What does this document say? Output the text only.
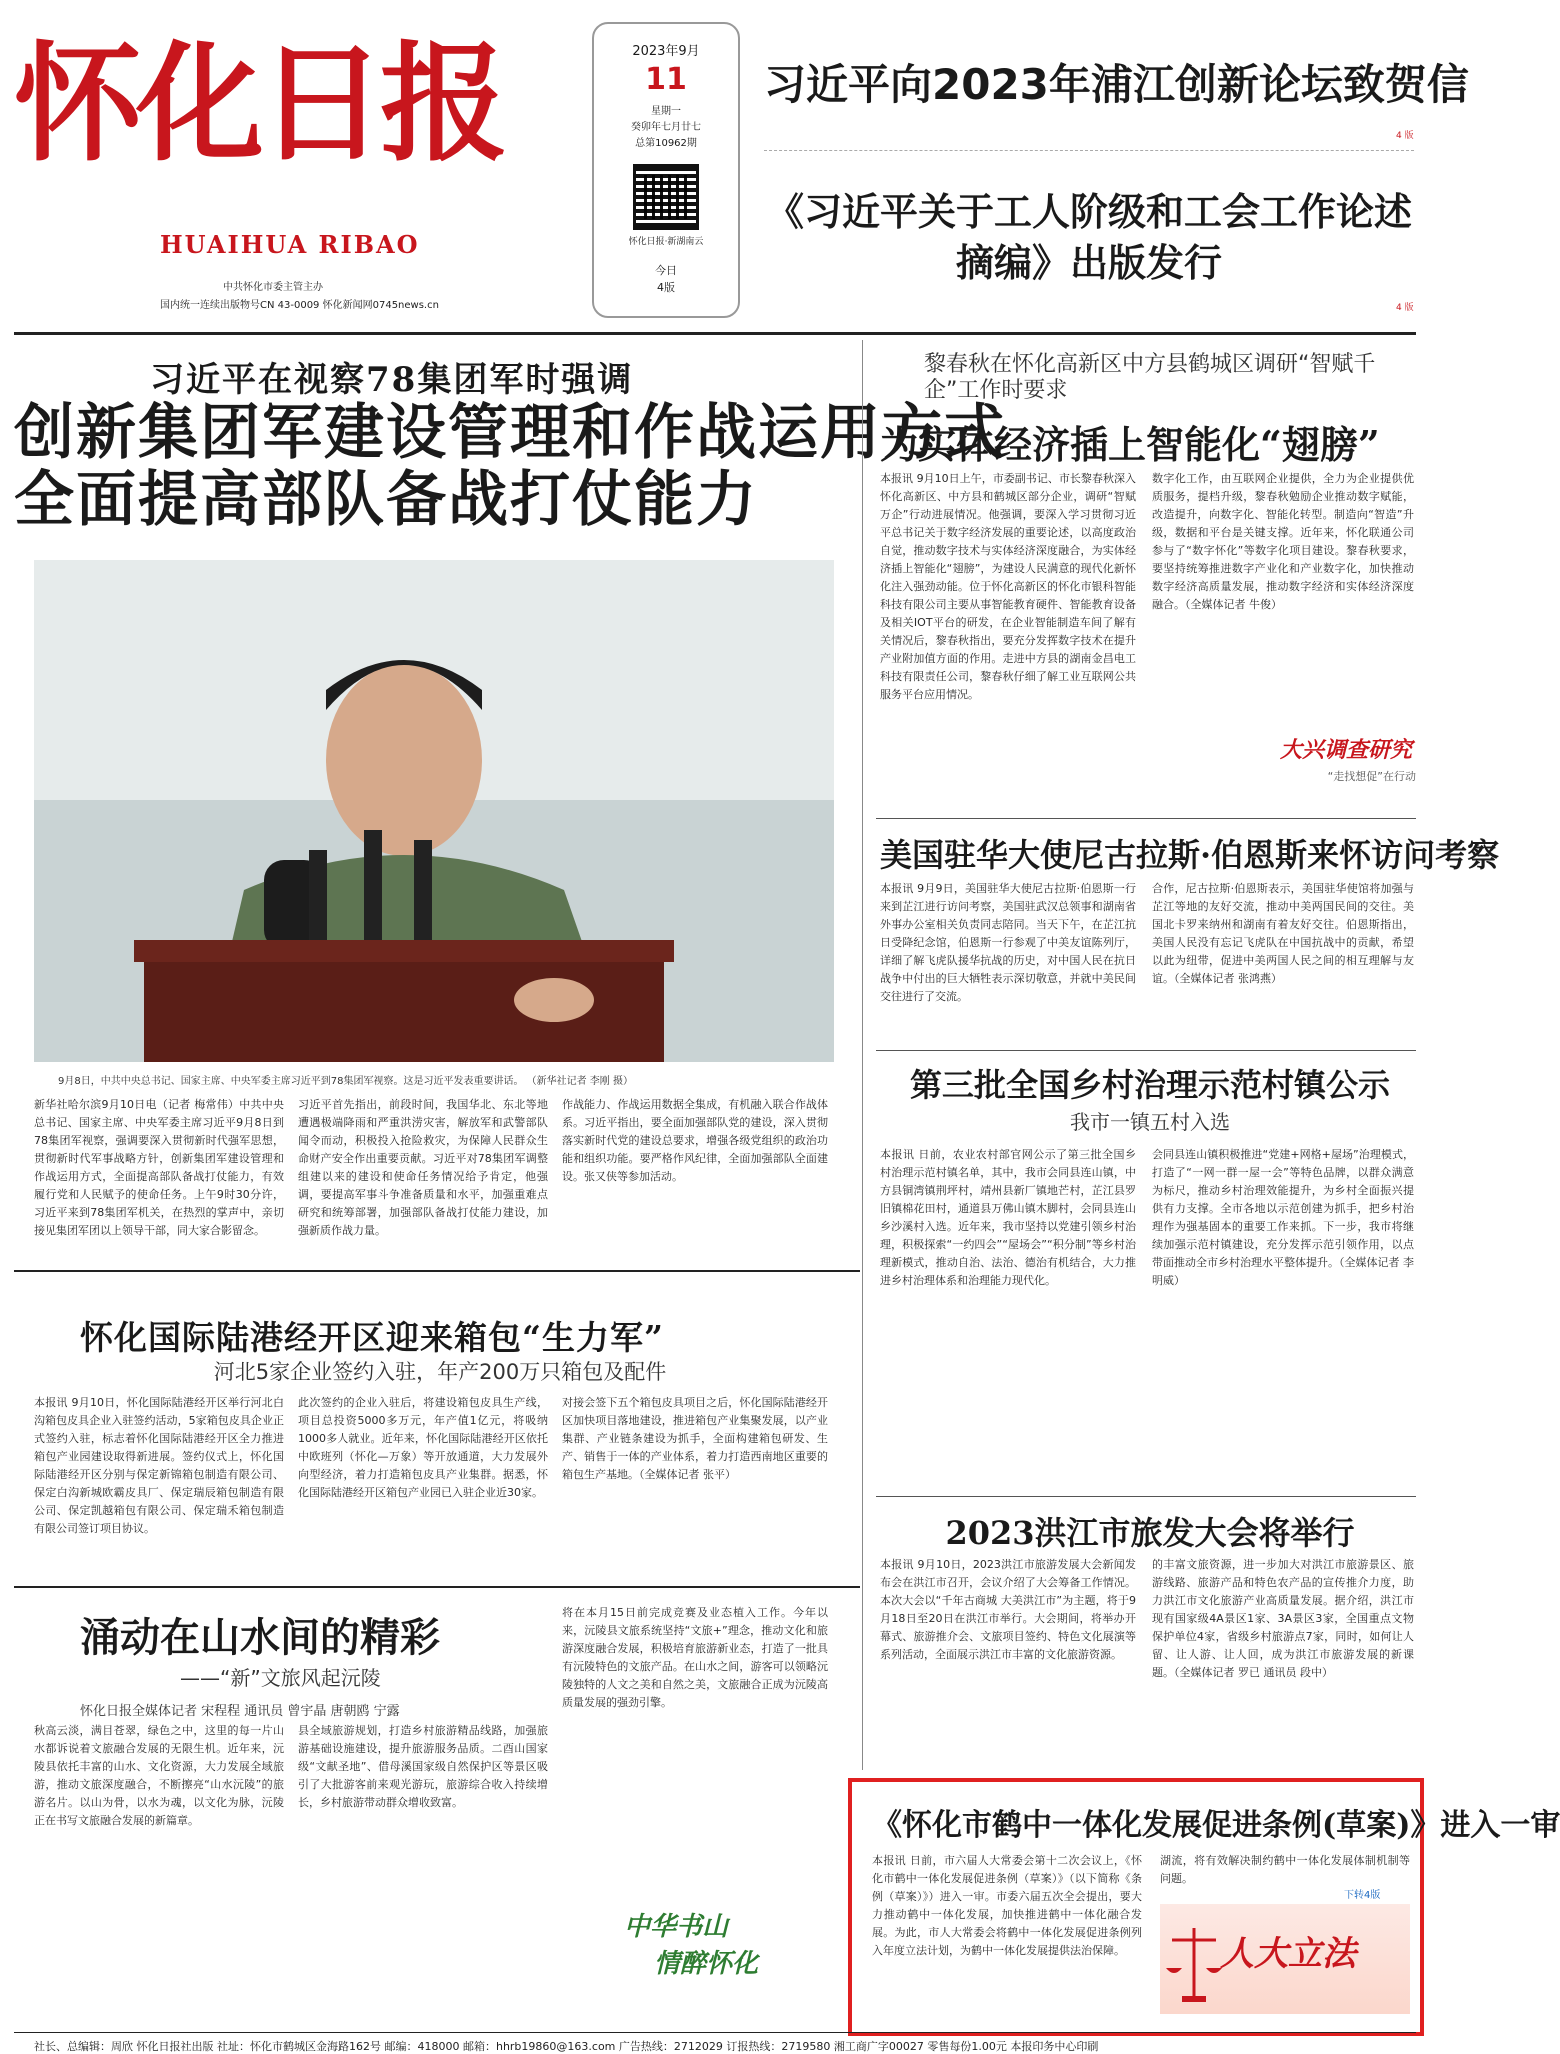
怀化日报
HUAIHUA RIBAO
中共怀化市委主管主办
国内统一连续出版物号CN 43-0009 怀化新闻网0745news.cn
2023年9月
11
星期一
癸卯年七月廿七
总第10962期
怀化日报·新湖南云
今日
4版
习近平向2023年浦江创新论坛致贺信
4 版
《习近平关于工人阶级和工会工作论述摘编》出版发行
4 版
习近平在视察78集团军时强调
创新集团军建设管理和作战运用方式
全面提高部队备战打仗能力
9月8日，中共中央总书记、国家主席、中央军委主席习近平到78集团军视察。这是习近平发表重要讲话。 （新华社记者 李刚 摄）
新华社哈尔滨9月10日电（记者 梅常伟）中共中央总书记、国家主席、中央军委主席习近平9月8日到78集团军视察，强调要深入贯彻新时代强军思想，贯彻新时代军事战略方针，创新集团军建设管理和作战运用方式，全面提高部队备战打仗能力，有效履行党和人民赋予的使命任务。上午9时30分许，习近平来到78集团军机关，在热烈的掌声中，亲切接见集团军团以上领导干部，同大家合影留念。
习近平首先指出，前段时间，我国华北、东北等地遭遇极端降雨和严重洪涝灾害，解放军和武警部队闻令而动，积极投入抢险救灾，为保障人民群众生命财产安全作出重要贡献。习近平对78集团军调整组建以来的建设和使命任务情况给予肯定，他强调，要提高军事斗争准备质量和水平，加强重难点研究和统筹部署，加强部队备战打仗能力建设，加强新质作战力量。
作战能力、作战运用数据全集成，有机融入联合作战体系。习近平指出，要全面加强部队党的建设，深入贯彻落实新时代党的建设总要求，增强各级党组织的政治功能和组织功能。要严格作风纪律，全面加强部队全面建设。张又侠等参加活动。
黎春秋在怀化高新区中方县鹤城区调研“智赋千企”工作时要求
为实体经济插上智能化“翅膀”
本报讯 9月10日上午，市委副书记、市长黎春秋深入怀化高新区、中方县和鹤城区部分企业，调研“智赋万企”行动进展情况。他强调，要深入学习贯彻习近平总书记关于数字经济发展的重要论述，以高度政治自觉，推动数字技术与实体经济深度融合，为实体经济插上智能化“翅膀”，为建设人民满意的现代化新怀化注入强劲动能。位于怀化高新区的怀化市银科智能科技有限公司主要从事智能教育硬件、智能教育设备及相关IOT平台的研发，在企业智能制造车间了解有关情况后，黎春秋指出，要充分发挥数字技术在提升产业附加值方面的作用。走进中方县的湖南金昌电工科技有限责任公司，黎春秋仔细了解工业互联网公共服务平台应用情况。
数字化工作，由互联网企业提供，全力为企业提供优质服务，提档升级，黎春秋勉励企业推动数字赋能，改造提升，向数字化、智能化转型。制造向“智造”升级，数据和平台是关键支撑。近年来，怀化联通公司参与了“数字怀化”等数字化项目建设。黎春秋要求，要坚持统筹推进数字产业化和产业数字化，加快推动数字经济高质量发展，推动数字经济和实体经济深度融合。（全媒体记者 牛俊）
大兴调查研究
“走找想促”在行动
美国驻华大使尼古拉斯·伯恩斯来怀访问考察
本报讯 9月9日，美国驻华大使尼古拉斯·伯恩斯一行来到芷江进行访问考察，美国驻武汉总领事和湖南省外事办公室相关负责同志陪同。当天下午，在芷江抗日受降纪念馆，伯恩斯一行参观了中美友谊陈列厅，详细了解飞虎队援华抗战的历史，对中国人民在抗日战争中付出的巨大牺牲表示深切敬意，并就中美民间交往进行了交流。
合作，尼古拉斯·伯恩斯表示，美国驻华使馆将加强与芷江等地的友好交流，推动中美两国民间的交往。美国北卡罗来纳州和湖南有着友好交往。伯恩斯指出，美国人民没有忘记飞虎队在中国抗战中的贡献，希望以此为纽带，促进中美两国人民之间的相互理解与友谊。（全媒体记者 张鸿燕）
第三批全国乡村治理示范村镇公示
我市一镇五村入选
本报讯 日前，农业农村部官网公示了第三批全国乡村治理示范村镇名单，其中，我市会同县连山镇，中方县铜湾镇荆坪村，靖州县新厂镇地芒村，芷江县罗旧镇棉花田村，通道县万佛山镇木脚村，会同县连山乡沙溪村入选。近年来，我市坚持以党建引领乡村治理，积极探索“一约四会”“屋场会”“积分制”等乡村治理新模式，推动自治、法治、德治有机结合，大力推进乡村治理体系和治理能力现代化。
会同县连山镇积极推进“党建+网格+屋场”治理模式，打造了“一网一群一屋一会”等特色品牌，以群众满意为标尺，推动乡村治理效能提升，为乡村全面振兴提供有力支撑。全市各地以示范创建为抓手，把乡村治理作为强基固本的重要工作来抓。下一步，我市将继续加强示范村镇建设，充分发挥示范引领作用，以点带面推动全市乡村治理水平整体提升。（全媒体记者 李明威）
怀化国际陆港经开区迎来箱包“生力军”
河北5家企业签约入驻，年产200万只箱包及配件
本报讯 9月10日，怀化国际陆港经开区举行河北白沟箱包皮具企业入驻签约活动，5家箱包皮具企业正式签约入驻，标志着怀化国际陆港经开区全力推进箱包产业园建设取得新进展。签约仪式上，怀化国际陆港经开区分别与保定新锦箱包制造有限公司、保定白沟新城欧霸皮具厂、保定瑞辰箱包制造有限公司、保定凯越箱包有限公司、保定瑞禾箱包制造有限公司签订项目协议。
此次签约的企业入驻后，将建设箱包皮具生产线，项目总投资5000多万元，年产值1亿元，将吸纳1000多人就业。近年来，怀化国际陆港经开区依托中欧班列（怀化—万象）等开放通道，大力发展外向型经济，着力打造箱包皮具产业集群。据悉，怀化国际陆港经开区箱包产业园已入驻企业近30家。
对接会签下五个箱包皮具项目之后，怀化国际陆港经开区加快项目落地建设，推进箱包产业集聚发展，以产业集群、产业链条建设为抓手，全面构建箱包研发、生产、销售于一体的产业体系，着力打造西南地区重要的箱包生产基地。（全媒体记者 张平）
2023洪江市旅发大会将举行
本报讯 9月10日，2023洪江市旅游发展大会新闻发布会在洪江市召开，会议介绍了大会筹备工作情况。本次大会以“千年古商城 大美洪江市”为主题，将于9月18日至20日在洪江市举行。大会期间，将举办开幕式、旅游推介会、文旅项目签约、特色文化展演等系列活动，全面展示洪江市丰富的文化旅游资源。
的丰富文旅资源，进一步加大对洪江市旅游景区、旅游线路、旅游产品和特色农产品的宣传推介力度，助力洪江市文化旅游产业高质量发展。据介绍，洪江市现有国家级4A景区1家、3A景区3家，全国重点文物保护单位4家，省级乡村旅游点7家，同时，如何让人留、让人游、让人回，成为洪江市旅游发展的新课题。（全媒体记者 罗已 通讯员 段中）
涌动在山水间的精彩
——“新”文旅风起沅陵
怀化日报全媒体记者 宋程程 通讯员 曾宇晶 唐朝鸥 宁露
秋高云淡，满目苍翠，绿色之中，这里的每一片山水都诉说着文旅融合发展的无限生机。近年来，沅陵县依托丰富的山水、文化资源，大力发展全域旅游，推动文旅深度融合，不断擦亮“山水沅陵”的旅游名片。以山为骨，以水为魂，以文化为脉，沅陵正在书写文旅融合发展的新篇章。
县全域旅游规划，打造乡村旅游精品线路，加强旅游基础设施建设，提升旅游服务品质。二酉山国家级“文献圣地”、借母溪国家级自然保护区等景区吸引了大批游客前来观光游玩，旅游综合收入持续增长，乡村旅游带动群众增收致富。
将在本月15日前完成竞赛及业态植入工作。今年以来，沅陵县文旅系统坚持“文旅+”理念，推动文化和旅游深度融合发展，积极培育旅游新业态，打造了一批具有沅陵特色的文旅产品。在山水之间，游客可以领略沅陵独特的人文之美和自然之美，文旅融合正成为沅陵高质量发展的强劲引擎。
中华书山
情醉怀化
《怀化市鹤中一体化发展促进条例(草案)》进入一审
本报讯 日前，市六届人大常委会第十二次会议上，《怀化市鹤中一体化发展促进条例（草案）》（以下简称《条例（草案）》）进入一审。市委六届五次全会提出，要大力推动鹤中一体化发展，加快推进鹤中一体化融合发展。为此，市人大常委会将鹤中一体化发展促进条例列入年度立法计划，为鹤中一体化发展提供法治保障。
湖流，将有效解决制约鹤中一体化发展体制机制等问题。
下转4版
人大立法
社长、总编辑：周欣 怀化日报社出版 社址：怀化市鹤城区金海路162号 邮编：418000 邮箱：hhrb19860@163.com 广告热线：2712029 订报热线：2719580 湘工商广字00027 零售每份1.00元 本报印务中心印刷
